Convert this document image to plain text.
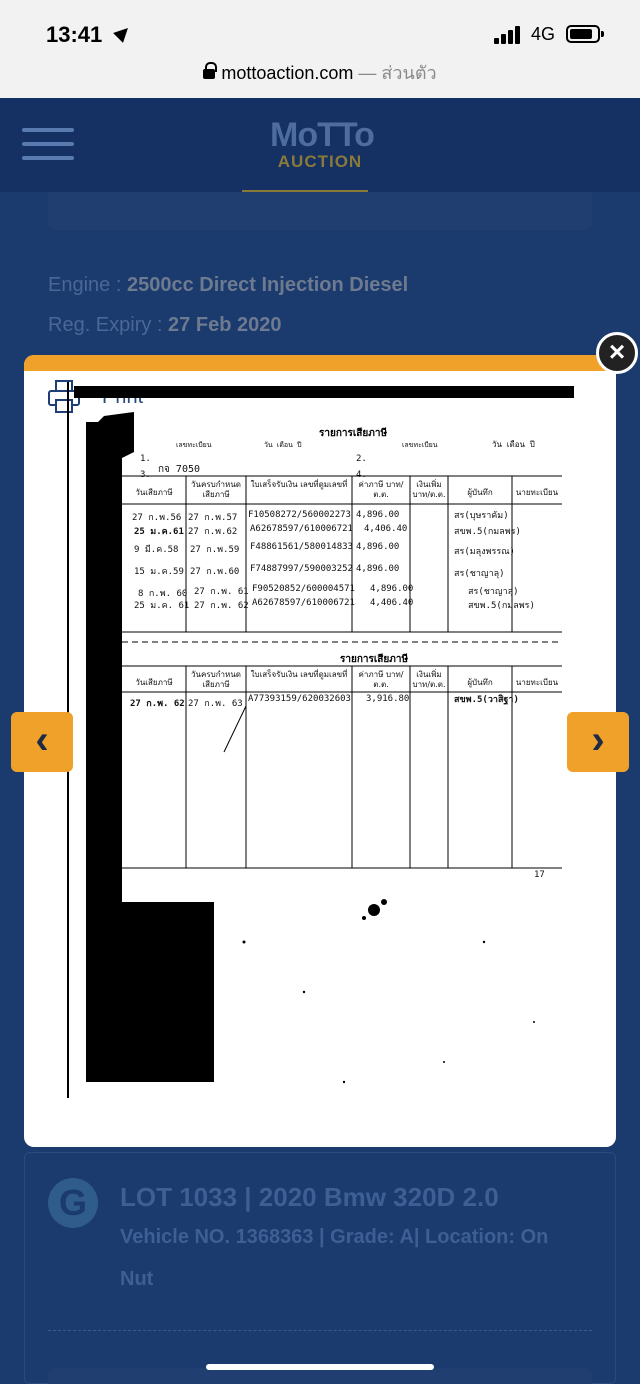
13:41	4G
mottoaction.com — ส่วนตัว
MoTTo
AUCTION
Engine : 2500cc Direct Injection Diesel
Reg. Expiry : 27 Feb 2020
รายการเสียภาษี
เลขทะเบียน	วัน เดือน ปี	เลขทะเบียน	วัน เดือน ปี
1.	2.
กจ 7050
3.	4.
วันเสียภาษี
วันครบกำหนด เสียภาษี
ใบเสร็จรับเงิน เลขที่ดูมเลขที่	ค่าภาษี บาท/ต.ต.
เงินเพิ่ม บาท/ต.ต.	ผู้บันทึก	นายทะเบียน
27 ก.พ.56 27 ก.พ.57 F10508272/560002273 4,896.00	สร(บุษราคัม)
25 ม.ค.61 27 ก.พ.62 A62678597/610006721 4,406.40	สขพ.5(กมลพร)
9 มี.ค.58 27 ก.พ.59 F48861561/580014833 4,896.00	สร(มลุงพรรณ)
15 ม.ค.59 27 ก.พ.60 F74887997/590003252 4,896.00	สร(ชาญาลุ)
8 ก.พ. 60 27 ก.พ. 61 F90520852/600004571 4,896.00	สร(ชาญาลุ)
25 ม.ค. 61 27 ก.พ. 62 A62678597/610006721 4,406.40	สขพ.5(กมลพร)
รายการเสียภาษี
วันเสียภาษี
วันครบกำหนด เสียภาษี
ใบเสร็จรับเงิน เลขที่ดูมเลขที่	ค่าภาษี บาท/ต.ต.
เงินเพิ่ม บาท/ต.ต.	ผู้บันทึก	นายทะเบียน
27 ก.พ. 62 27 ก.พ. 63 A77393159/620032603 3,916.80	สขพ.5(วาสิฐา)
17
×
‹	›
G	LOT 1033 | 2020 Bmw 320D 2.0
Vehicle NO. 1368363 | Grade: A| Location: On
Nut
